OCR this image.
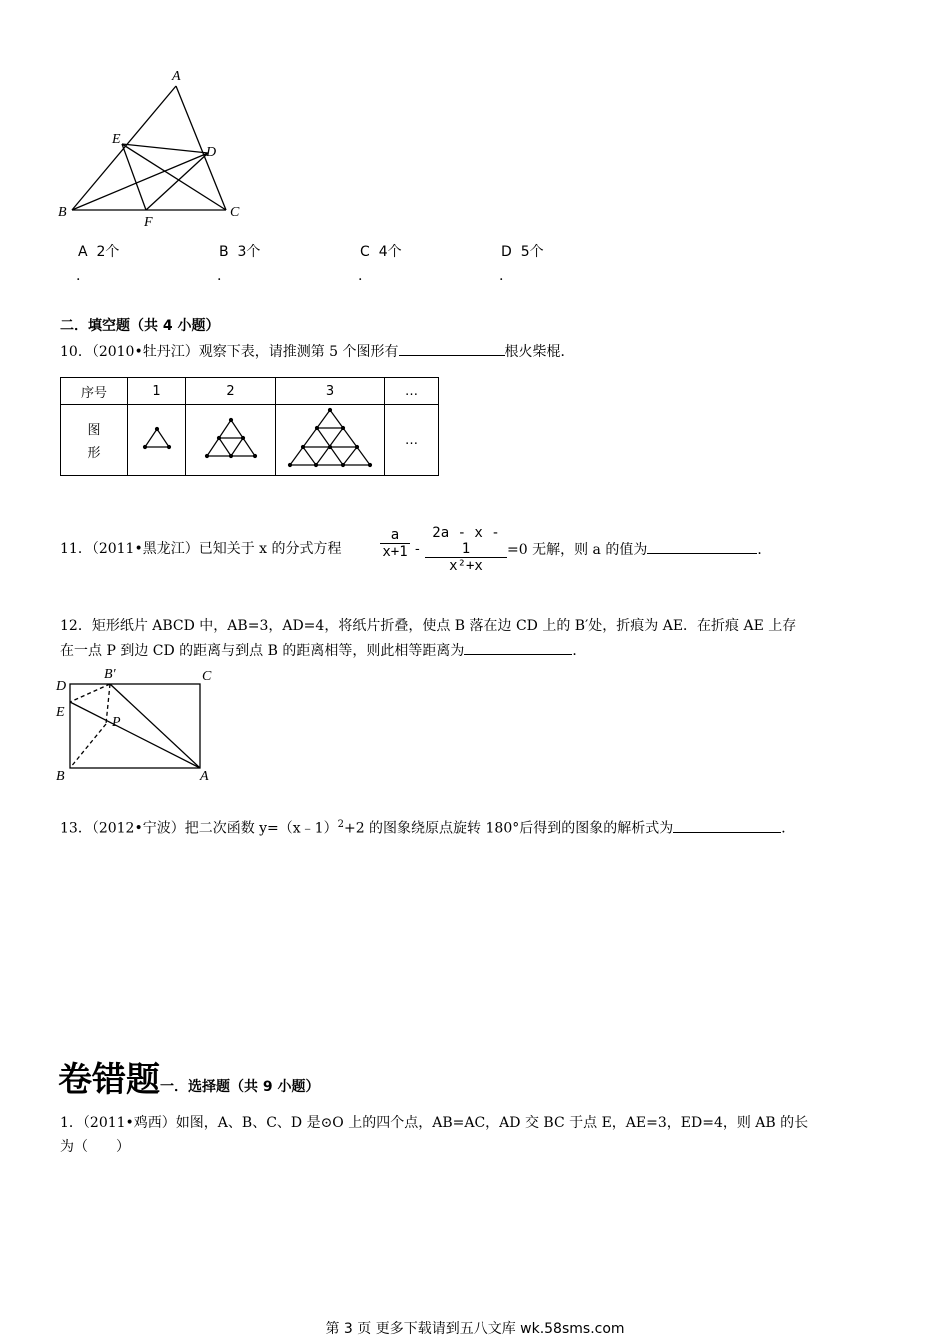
A
E
D
B
F
C
A 2个
.
B 3个
.
C 4个
.
D 5个
.
二．填空题（共 4 小题）
10．（2010•牡丹江）观察下表，请推测第 5 个图形有	根火柴棍．
序号	1	2	3	…

图
形				…
11．（2011•黑龙江）已知关于 x 的分式方程	$\frac{a}{x+1} - \frac{2a - x - 1}{\text{x²+x}} =0$ 无解，则 a 的值为	．
12．矩形纸片 ABCD 中，AB=3，AD=4，将纸片折叠，使点 B 落在边 CD 上的 B′处，折痕为 AE．在折痕 AE 上存
在一点 P 到边 CD 的距离与到点 B 的距离相等，则此相等距离为	．
D
B′	C
E
P
B	A
13．（2012•宁波）把二次函数 y=（x﹣1）$^2$+2 的图象绕原点旋转 180°后得到的图象的解析式为	．
卷错题一．选择题（共 9 小题）
1．（2011•鸡西）如图，A、B、C、D 是⊙O 上的四个点，AB=AC，AD 交 BC 于点 E，AE=3，ED=4，则 AB 的长
为（　　）
第 3 页 更多下载请到五八文库 wk.58sms.com
